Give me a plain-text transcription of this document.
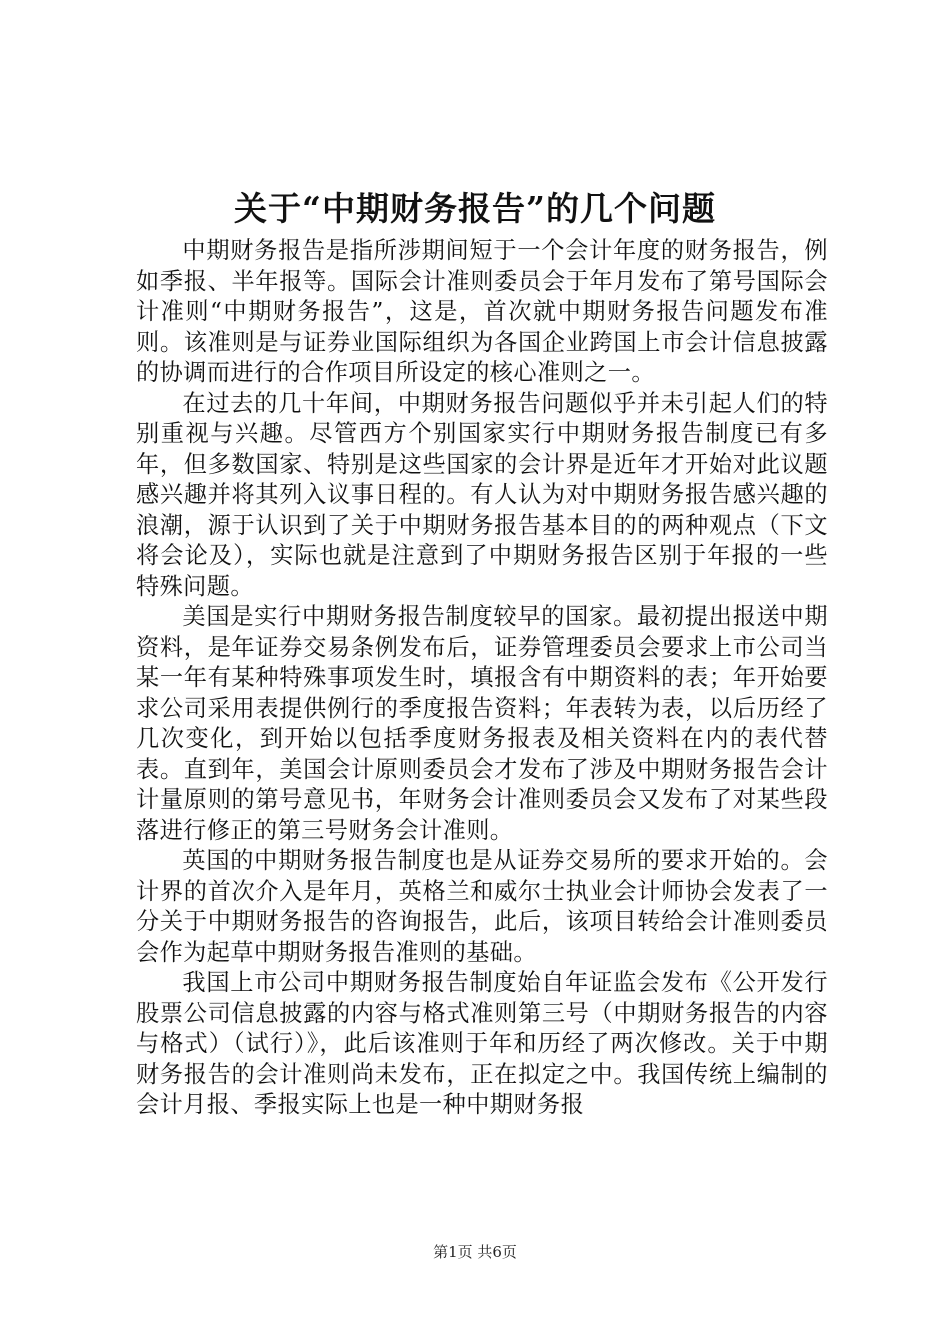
关于“中期财务报告”的几个问题

中期财务报告是指所涉期间短于一个会计年度的财务报告，例如季报、半年报等。国际会计准则委员会于年月发布了第号国际会计准则“中期财务报告”，这是，首次就中期财务报告问题发布准则。该准则是与证券业国际组织为各国企业跨国上市会计信息披露的协调而进行的合作项目所设定的核心准则之一。

在过去的几十年间，中期财务报告问题似乎并未引起人们的特别重视与兴趣。尽管西方个别国家实行中期财务报告制度已有多年，但多数国家、特别是这些国家的会计界是近年才开始对此议题感兴趣并将其列入议事日程的。有人认为对中期财务报告感兴趣的浪潮，源于认识到了关于中期财务报告基本目的的两种观点（下文将会论及），实际也就是注意到了中期财务报告区别于年报的一些特殊问题。

美国是实行中期财务报告制度较早的国家。最初提出报送中期资料，是年证券交易条例发布后，证券管理委员会要求上市公司当某一年有某种特殊事项发生时，填报含有中期资料的表；年开始要求公司采用表提供例行的季度报告资料；年表转为表，以后历经了几次变化，到开始以包括季度财务报表及相关资料在内的表代替表。直到年，美国会计原则委员会才发布了涉及中期财务报告会计计量原则的第号意见书，年财务会计准则委员会又发布了对某些段落进行修正的第三号财务会计准则。

英国的中期财务报告制度也是从证券交易所的要求开始的。会计界的首次介入是年月，英格兰和威尔士执业会计师协会发表了一分关于中期财务报告的咨询报告，此后，该项目转给会计准则委员会作为起草中期财务报告准则的基础。

我国上市公司中期财务报告制度始自年证监会发布《公开发行股票公司信息披露的内容与格式准则第三号（中期财务报告的内容与格式）（试行）》，此后该准则于年和历经了两次修改。关于中期财务报告的会计准则尚未发布，正在拟定之中。我国传统上编制的会计月报、季报实际上也是一种中期财务报

第1页 共6页
